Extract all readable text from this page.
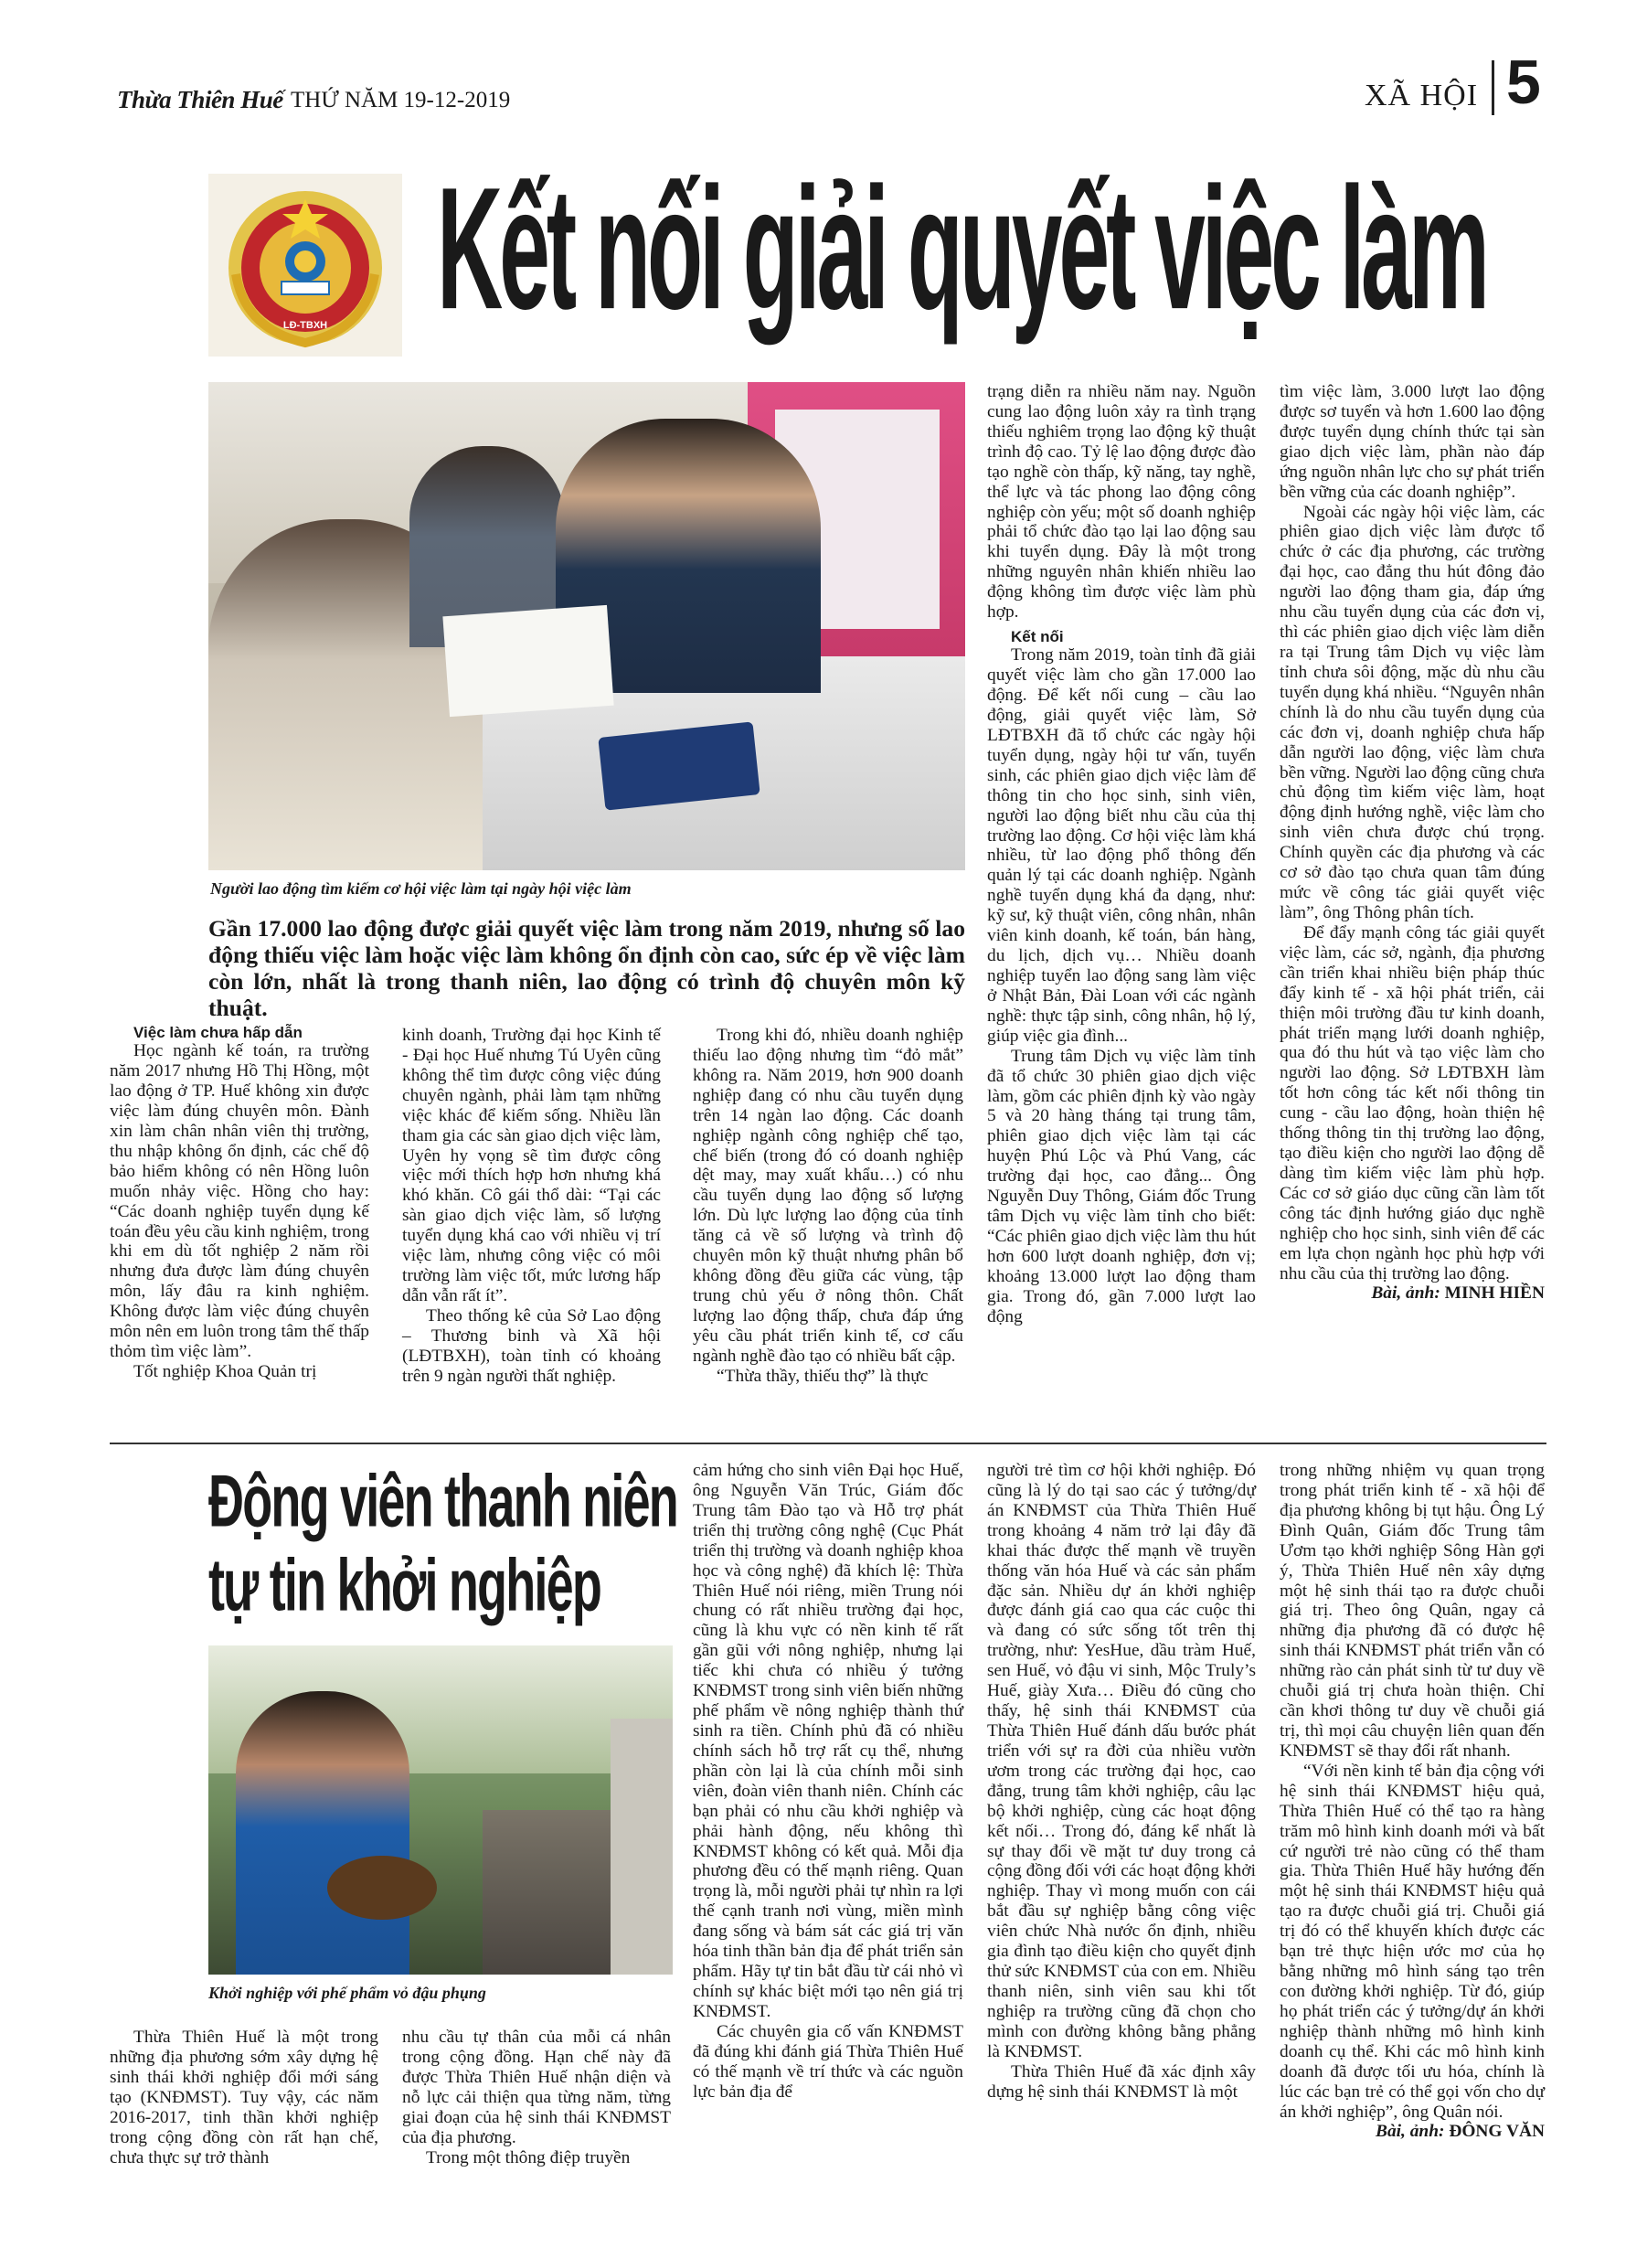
Thừa Thiên Huế THỨ NĂM 19-12-2019	XÃ HỘI 5
LĐ-TBXH Kết nối giải quyết việc làm
Người lao động tìm kiếm cơ hội việc làm tại ngày hội việc làm
Gần 17.000 lao động được giải quyết việc làm trong năm 2019, nhưng số lao động thiếu việc làm hoặc việc làm không ổn định còn cao, sức ép về việc làm còn lớn, nhất là trong thanh niên, lao động có trình độ chuyên môn kỹ thuật.

Việc làm chưa hấp dẫn

Học ngành kế toán, ra trường năm 2017 nhưng Hồ Thị Hồng, một lao động ở TP. Huế không xin được việc làm đúng chuyên môn. Đành xin làm chân nhân viên thị trường, thu nhập không ổn định, các chế độ bảo hiểm không có nên Hồng luôn muốn nhảy việc. Hồng cho hay: “Các doanh nghiệp tuyển dụng kế toán đều yêu cầu kinh nghiệm, trong khi em dù tốt nghiệp 2 năm rồi nhưng đưa được làm đúng chuyên môn, lấy đâu ra kinh nghiệm. Không được làm việc đúng chuyên môn nên em luôn trong tâm thế thấp thỏm tìm việc làm”.

Tốt nghiệp Khoa Quản trị

kinh doanh, Trường đại học Kinh tế - Đại học Huế nhưng Tú Uyên cũng không thể tìm được công việc đúng chuyên ngành, phải làm tạm những việc khác để kiếm sống. Nhiều lần tham gia các sàn giao dịch việc làm, Uyên hy vọng sẽ tìm được công việc mới thích hợp hơn nhưng khá khó khăn. Cô gái thổ dài: “Tại các sàn giao dịch việc làm, số lượng tuyển dụng khá cao với nhiều vị trí việc làm, nhưng công việc có môi trường làm việc tốt, mức lương hấp dẫn vẫn rất ít”.

Theo thống kê của Sở Lao động – Thương binh và Xã hội (LĐTBXH), toàn tỉnh có khoảng trên 9 ngàn người thất nghiệp.

Trong khi đó, nhiều doanh nghiệp thiếu lao động nhưng tìm “đỏ mắt” không ra. Năm 2019, hơn 900 doanh nghiệp đang có nhu cầu tuyển dụng trên 14 ngàn lao động. Các doanh nghiệp ngành công nghiệp chế tạo, chế biến (trong đó có doanh nghiệp dệt may, may xuất khẩu…) có nhu cầu tuyển dụng lao động số lượng lớn. Dù lực lượng lao động của tỉnh tăng cả về số lượng và trình độ chuyên môn kỹ thuật nhưng phân bổ không đồng đều giữa các vùng, tập trung chủ yếu ở nông thôn. Chất lượng lao động thấp, chưa đáp ứng yêu cầu phát triển kinh tế, cơ cấu ngành nghề đào tạo có nhiều bất cập.

“Thừa thầy, thiếu thợ” là thực

trạng diễn ra nhiều năm nay. Nguồn cung lao động luôn xảy ra tình trạng thiếu nghiêm trọng lao động kỹ thuật trình độ cao. Tỷ lệ lao động được đào tạo nghề còn thấp, kỹ năng, tay nghề, thể lực và tác phong lao động công nghiệp còn yếu; một số doanh nghiệp phải tổ chức đào tạo lại lao động sau khi tuyển dụng. Đây là một trong những nguyên nhân khiến nhiều lao động không tìm được việc làm phù hợp.

Kết nối

Trong năm 2019, toàn tỉnh đã giải quyết việc làm cho gần 17.000 lao động. Để kết nối cung – cầu lao động, giải quyết việc làm, Sở LĐTBXH đã tổ chức các ngày hội tuyển dụng, ngày hội tư vấn, tuyển sinh, các phiên giao dịch việc làm để thông tin cho học sinh, sinh viên, người lao động biết nhu cầu của thị trường lao động. Cơ hội việc làm khá nhiều, từ lao động phổ thông đến quản lý tại các doanh nghiệp. Ngành nghề tuyển dụng khá đa dạng, như: kỹ sư, kỹ thuật viên, công nhân, nhân viên kinh doanh, kế toán, bán hàng, du lịch, dịch vụ… Nhiều doanh nghiệp tuyển lao động sang làm việc ở Nhật Bản, Đài Loan với các ngành nghề: thực tập sinh, công nhân, hộ lý, giúp việc gia đình...

Trung tâm Dịch vụ việc làm tỉnh đã tổ chức 30 phiên giao dịch việc làm, gồm các phiên định kỳ vào ngày 5 và 20 hàng tháng tại trung tâm, phiên giao dịch việc làm tại các huyện Phú Lộc và Phú Vang, các trường đại học, cao đẳng... Ông Nguyễn Duy Thông, Giám đốc Trung tâm Dịch vụ việc làm tỉnh cho biết: “Các phiên giao dịch việc làm thu hút hơn 600 lượt doanh nghiệp, đơn vị; khoảng 13.000 lượt lao động tham gia. Trong đó, gần 7.000 lượt lao động

tìm việc làm, 3.000 lượt lao động được sơ tuyển và hơn 1.600 lao động được tuyển dụng chính thức tại sàn giao dịch việc làm, phần nào đáp ứng nguồn nhân lực cho sự phát triển bền vững của các doanh nghiệp”.

Ngoài các ngày hội việc làm, các phiên giao dịch việc làm được tổ chức ở các địa phương, các trường đại học, cao đẳng thu hút đông đảo người lao động tham gia, đáp ứng nhu cầu tuyển dụng của các đơn vị, thì các phiên giao dịch việc làm diễn ra tại Trung tâm Dịch vụ việc làm tỉnh chưa sôi động, mặc dù nhu cầu tuyển dụng khá nhiều. “Nguyên nhân chính là do nhu cầu tuyển dụng của các đơn vị, doanh nghiệp chưa hấp dẫn người lao động, việc làm chưa bền vững. Người lao động cũng chưa chủ động tìm kiếm việc làm, hoạt động định hướng nghề, việc làm cho sinh viên chưa được chú trọng. Chính quyền các địa phương và các cơ sở đào tạo chưa quan tâm đúng mức về công tác giải quyết việc làm”, ông Thông phân tích.

Để đẩy mạnh công tác giải quyết việc làm, các sở, ngành, địa phương cần triển khai nhiều biện pháp thúc đẩy kinh tế - xã hội phát triển, cải thiện môi trường đầu tư kinh doanh, phát triển mạng lưới doanh nghiệp, qua đó thu hút và tạo việc làm cho người lao động. Sở LĐTBXH làm tốt hơn công tác kết nối thông tin cung - cầu lao động, hoàn thiện hệ thống thông tin thị trường lao động, tạo điều kiện cho người lao động dễ dàng tìm kiếm việc làm phù hợp. Các cơ sở giáo dục cũng cần làm tốt công tác định hướng giáo dục nghề nghiệp cho học sinh, sinh viên để các em lựa chọn ngành học phù hợp với nhu cầu của thị trường lao động.

Bài, ảnh: MINH HIỀN

Động viên thanh niên
tự tin khởi nghiệp
Khởi nghiệp với phế phẩm vỏ đậu phụng

Thừa Thiên Huế là một trong những địa phương sớm xây dựng hệ sinh thái khởi nghiệp đổi mới sáng tạo (KNĐMST). Tuy vậy, các năm 2016-2017, tinh thần khởi nghiệp trong cộng đồng còn rất hạn chế, chưa thực sự trở thành

nhu cầu tự thân của mỗi cá nhân trong cộng đồng. Hạn chế này đã được Thừa Thiên Huế nhận diện và nỗ lực cải thiện qua từng năm, từng giai đoạn của hệ sinh thái KNĐMST của địa phương.

Trong một thông điệp truyền

cảm hứng cho sinh viên Đại học Huế, ông Nguyễn Văn Trúc, Giám đốc Trung tâm Đào tạo và Hỗ trợ phát triển thị trường công nghệ (Cục Phát triển thị trường và doanh nghiệp khoa học và công nghệ) đã khích lệ: Thừa Thiên Huế nói riêng, miền Trung nói chung có rất nhiều trường đại học, cũng là khu vực có nền kinh tế rất gần gũi với nông nghiệp, nhưng lại tiếc khi chưa có nhiều ý tưởng KNĐMST trong sinh viên biến những phế phẩm về nông nghiệp thành thứ sinh ra tiền. Chính phủ đã có nhiều chính sách hỗ trợ rất cụ thể, nhưng phần còn lại là của chính mỗi sinh viên, đoàn viên thanh niên. Chính các bạn phải có nhu cầu khởi nghiệp và phải hành động, nếu không thì KNĐMST không có kết quả. Mỗi địa phương đều có thế mạnh riêng. Quan trọng là, mỗi người phải tự nhìn ra lợi thế cạnh tranh nơi vùng, miền mình đang sống và bám sát các giá trị văn hóa tinh thần bản địa để phát triển sản phẩm. Hãy tự tin bắt đầu từ cái nhỏ vì chính sự khác biệt mới tạo nên giá trị KNĐMST.

Các chuyên gia cố vấn KNĐMST đã đúng khi đánh giá Thừa Thiên Huế có thế mạnh về trí thức và các nguồn lực bản địa để

người trẻ tìm cơ hội khởi nghiệp. Đó cũng là lý do tại sao các ý tưởng/dự án KNĐMST của Thừa Thiên Huế trong khoảng 4 năm trở lại đây đã khai thác được thế mạnh về truyền thống văn hóa Huế và các sản phẩm đặc sản. Nhiều dự án khởi nghiệp được đánh giá cao qua các cuộc thi và đang có sức sống tốt trên thị trường, như: YesHue, dầu tràm Huế, sen Huế, vỏ đậu vi sinh, Mộc Truly’s Huế, giày Xưa… Điều đó cũng cho thấy, hệ sinh thái KNĐMST của Thừa Thiên Huế đánh dấu bước phát triển với sự ra đời của nhiều vườn ươm trong các trường đại học, cao đẳng, trung tâm khởi nghiệp, câu lạc bộ khởi nghiệp, cùng các hoạt động kết nối… Trong đó, đáng kể nhất là sự thay đổi về mặt tư duy trong cả cộng đồng đối với các hoạt động khởi nghiệp. Thay vì mong muốn con cái bắt đầu sự nghiệp bằng công việc viên chức Nhà nước ổn định, nhiều gia đình tạo điều kiện cho quyết định thử sức KNĐMST của con em. Nhiều thanh niên, sinh viên sau khi tốt nghiệp ra trường cũng đã chọn cho mình con đường không bằng phẳng là KNĐMST.

Thừa Thiên Huế đã xác định xây dựng hệ sinh thái KNĐMST là một

trong những nhiệm vụ quan trọng trong phát triển kinh tế - xã hội để địa phương không bị tụt hậu. Ông Lý Đình Quân, Giám đốc Trung tâm Ươm tạo khởi nghiệp Sông Hàn gợi ý, Thừa Thiên Huế nên xây dựng một hệ sinh thái tạo ra được chuỗi giá trị. Theo ông Quân, ngay cả những địa phương đã có được hệ sinh thái KNĐMST phát triển vẫn có những rào cản phát sinh từ tư duy về chuỗi giá trị chưa hoàn thiện. Chỉ cần khơi thông tư duy về chuỗi giá trị, thì mọi câu chuyện liên quan đến KNĐMST sẽ thay đổi rất nhanh.

“Với nền kinh tế bản địa cộng với hệ sinh thái KNĐMST hiệu quả, Thừa Thiên Huế có thể tạo ra hàng trăm mô hình kinh doanh mới và bất cứ người trẻ nào cũng có thể tham gia. Thừa Thiên Huế hãy hướng đến một hệ sinh thái KNĐMST hiệu quả tạo ra được chuỗi giá trị. Chuỗi giá trị đó có thể khuyến khích được các bạn trẻ thực hiện ước mơ của họ bằng những mô hình sáng tạo trên con đường khởi nghiệp. Từ đó, giúp họ phát triển các ý tưởng/dự án khởi nghiệp thành những mô hình kinh doanh cụ thể. Khi các mô hình kinh doanh đã được tối ưu hóa, chính là lúc các bạn trẻ có thể gọi vốn cho dự án khởi nghiệp”, ông Quân nói.

Bài, ảnh: ĐÔNG VĂN
